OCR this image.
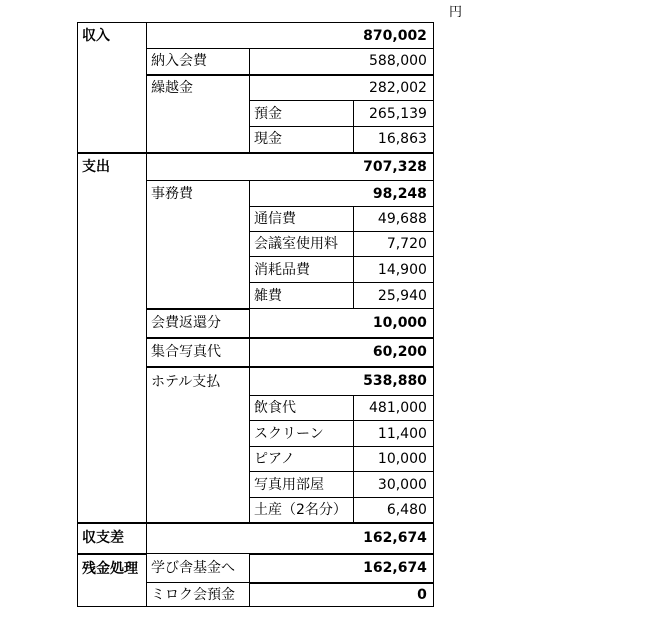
円
収入	870,002		
	納入会費	588,000	
	繰越金	282,002	
		預金	265,139
		現金	16,863
支出	707,328		
	事務費	98,248	
		通信費	49,688
		会議室使用料	7,720
		消耗品費	14,900
		雑費	25,940
	会費返還分	10,000	
	集合写真代	60,200	
	ホテル支払	538,880	
		飲食代	481,000
		スクリーン	11,400
		ピアノ	10,000
		写真用部屋	30,000
		土産（2名分）	6,480
収支差	162,674		
残金処理	学び舎基金へ	162,674	
	ミロク会預金	0	
